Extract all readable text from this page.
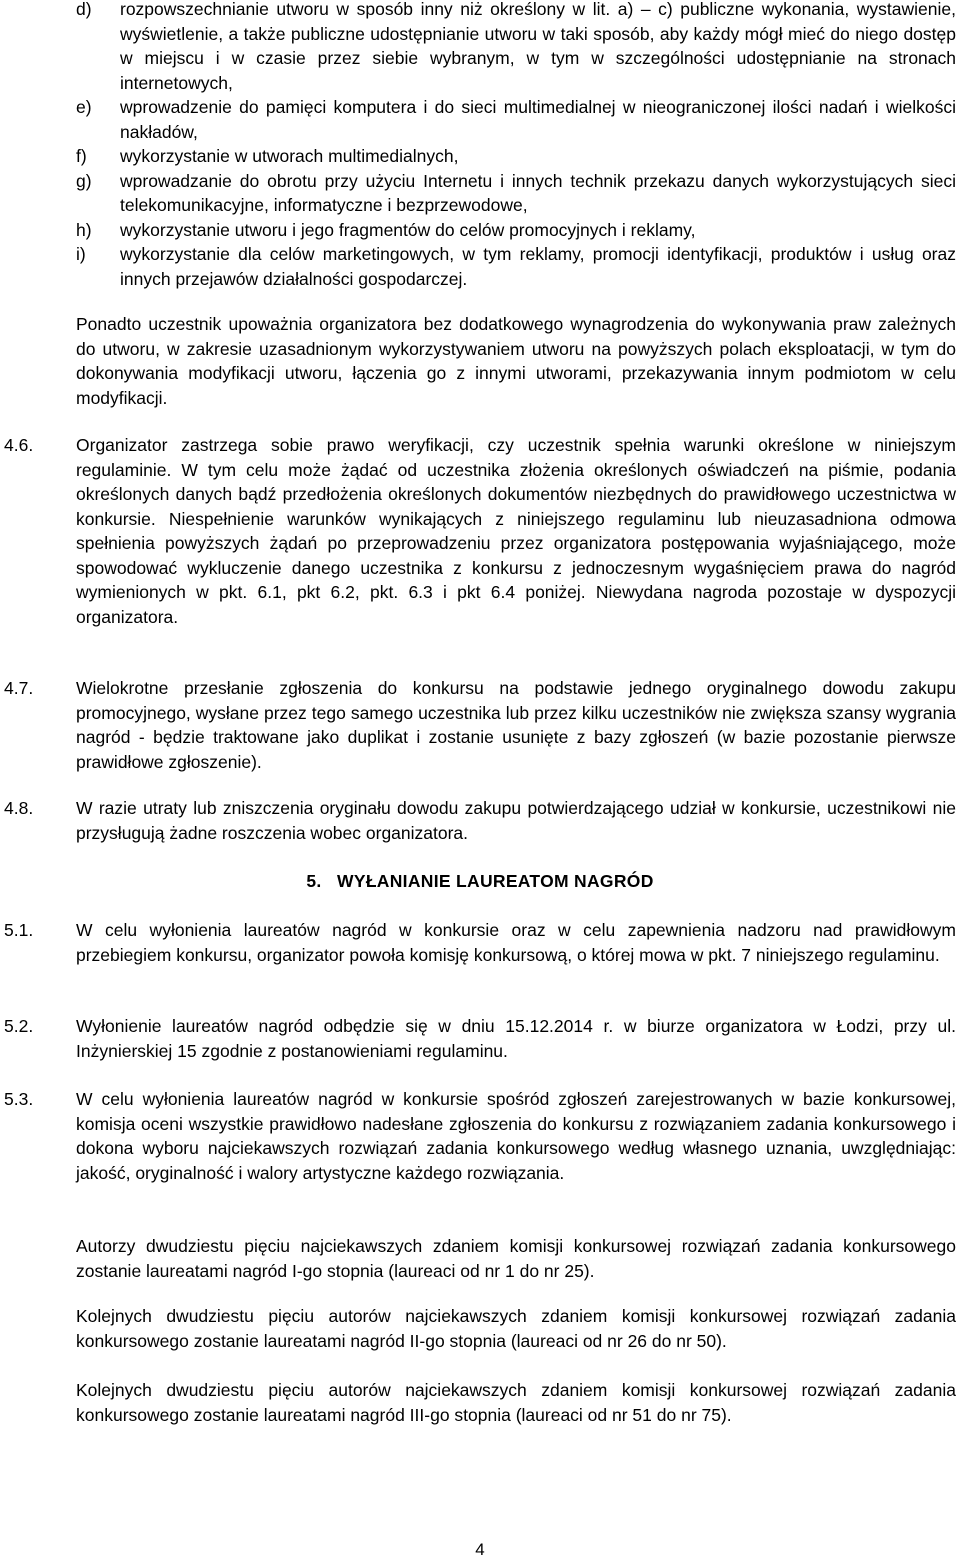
d)	rozpowszechnianie utworu w sposób inny niż określony w lit. a) – c) publiczne wykonania, wystawienie, wyświetlenie, a także publiczne udostępnianie utworu w taki sposób, aby każdy mógł mieć do niego dostęp w miejscu i w czasie przez siebie wybranym, w tym w szczególności udostępnianie na stronach internetowych,
e)	wprowadzenie do pamięci komputera i do sieci multimedialnej w nieograniczonej ilości nadań i wielkości nakładów,
f)	wykorzystanie w utworach multimedialnych,
g)	wprowadzanie do obrotu przy użyciu Internetu i innych technik przekazu danych wykorzystujących sieci telekomunikacyjne, informatyczne i bezprzewodowe,
h)	wykorzystanie utworu i jego fragmentów do celów promocyjnych i reklamy,
i)	wykorzystanie dla celów marketingowych, w tym reklamy, promocji identyfikacji, produktów i usług oraz innych przejawów działalności gospodarczej.

Ponadto uczestnik upoważnia organizatora bez dodatkowego wynagrodzenia do wykonywania praw zależnych do utworu, w zakresie uzasadnionym wykorzystywaniem utworu na powyższych polach eksploatacji, w tym do dokonywania modyfikacji utworu, łączenia go z innymi utworami, przekazywania innym podmiotom w celu modyfikacji.

4.6.	Organizator zastrzega sobie prawo weryfikacji, czy uczestnik spełnia warunki określone w niniejszym regulaminie. W tym celu może żądać od uczestnika złożenia określonych oświadczeń na piśmie, podania określonych danych bądź przedłożenia określonych dokumentów niezbędnych do prawidłowego uczestnictwa w konkursie. Niespełnienie warunków wynikających z niniejszego regulaminu lub nieuzasadniona odmowa spełnienia powyższych żądań po przeprowadzeniu przez organizatora postępowania wyjaśniającego, może spowodować wykluczenie danego uczestnika z konkursu z jednoczesnym wygaśnięciem prawa do nagród wymienionych w pkt. 6.1, pkt 6.2, pkt. 6.3 i pkt 6.4 poniżej. Niewydana nagroda pozostaje w dyspozycji organizatora.

4.7.	Wielokrotne przesłanie zgłoszenia do konkursu na podstawie jednego oryginalnego dowodu zakupu promocyjnego, wysłane przez tego samego uczestnika lub przez kilku uczestników nie zwiększa szansy wygrania nagród - będzie traktowane jako duplikat i zostanie usunięte z bazy zgłoszeń (w bazie pozostanie pierwsze prawidłowe zgłoszenie).

4.8.	W razie utraty lub zniszczenia oryginału dowodu zakupu potwierdzającego udział w konkursie, uczestnikowi nie przysługują żadne roszczenia wobec organizatora.

5.   WYŁANIANIE LAUREATOM NAGRÓD
5.1.	W celu wyłonienia laureatów nagród w konkursie oraz w celu zapewnienia nadzoru nad prawidłowym przebiegiem konkursu, organizator powoła komisję konkursową, o której mowa w pkt. 7 niniejszego regulaminu.

5.2.	Wyłonienie laureatów nagród odbędzie się w dniu 15.12.2014 r. w biurze organizatora w Łodzi, przy ul. Inżynierskiej 15 zgodnie z postanowieniami regulaminu.

5.3.	W celu wyłonienia laureatów nagród w konkursie spośród zgłoszeń zarejestrowanych w bazie konkursowej, komisja oceni wszystkie prawidłowo nadesłane zgłoszenia do konkursu z rozwiązaniem zadania konkursowego i dokona wyboru najciekawszych rozwiązań zadania konkursowego według własnego uznania, uwzględniając: jakość, oryginalność i walory artystyczne każdego rozwiązania.

Autorzy dwudziestu pięciu najciekawszych zdaniem komisji konkursowej rozwiązań zadania konkursowego zostanie laureatami nagród I-go stopnia (laureaci od nr 1 do nr 25).

Kolejnych dwudziestu pięciu autorów najciekawszych zdaniem komisji konkursowej rozwiązań zadania konkursowego zostanie laureatami nagród II-go stopnia (laureaci od nr 26 do nr 50).

Kolejnych dwudziestu pięciu autorów najciekawszych zdaniem komisji konkursowej rozwiązań zadania konkursowego zostanie laureatami nagród III-go stopnia (laureaci od nr 51 do nr 75).

4
